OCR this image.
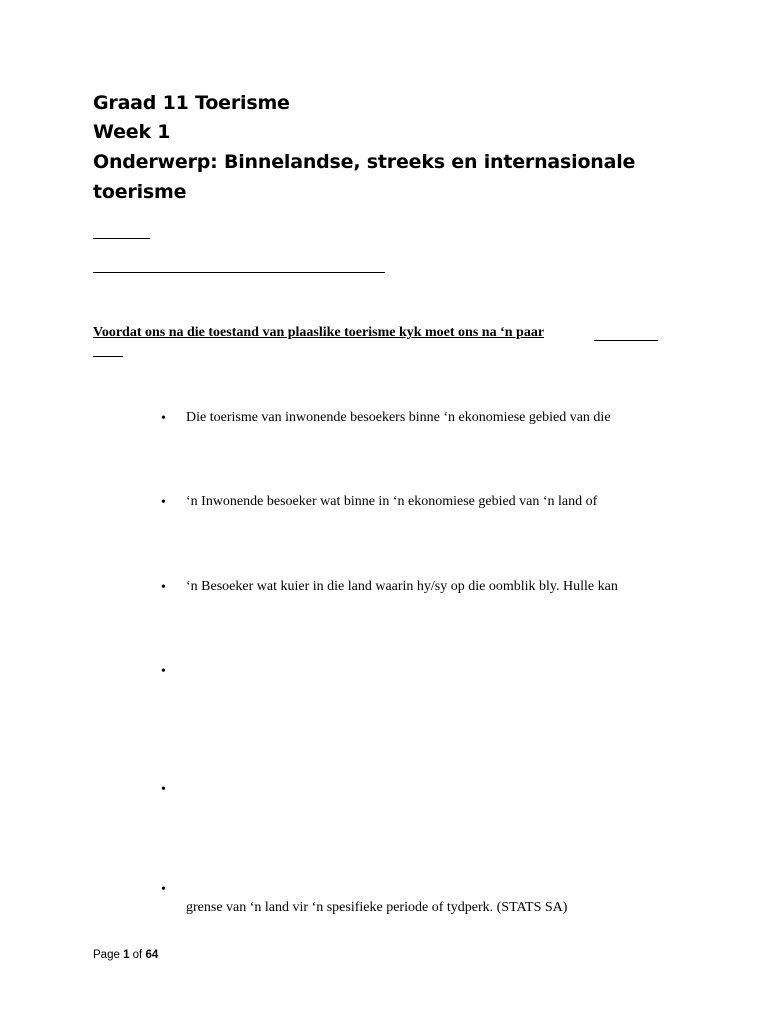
Graad 11 Toerisme
Week 1
Onderwerp: Binnelandse, streeks en internasionale
toerisme
Voordat ons na die toestand van plaaslike toerisme kyk moet ons na ‘n paar
• Die toerisme van inwonende besoekers binne ‘n ekonomiese gebied van die
• ‘n Inwonende besoeker wat binne in ‘n ekonomiese gebied van ‘n land of
• ‘n Besoeker wat kuier in die land waarin hy/sy op die oomblik bly. Hulle kan
•
•
•
grense van ‘n land vir ‘n spesifieke periode of tydperk. (STATS SA)
Page 1 of 64
